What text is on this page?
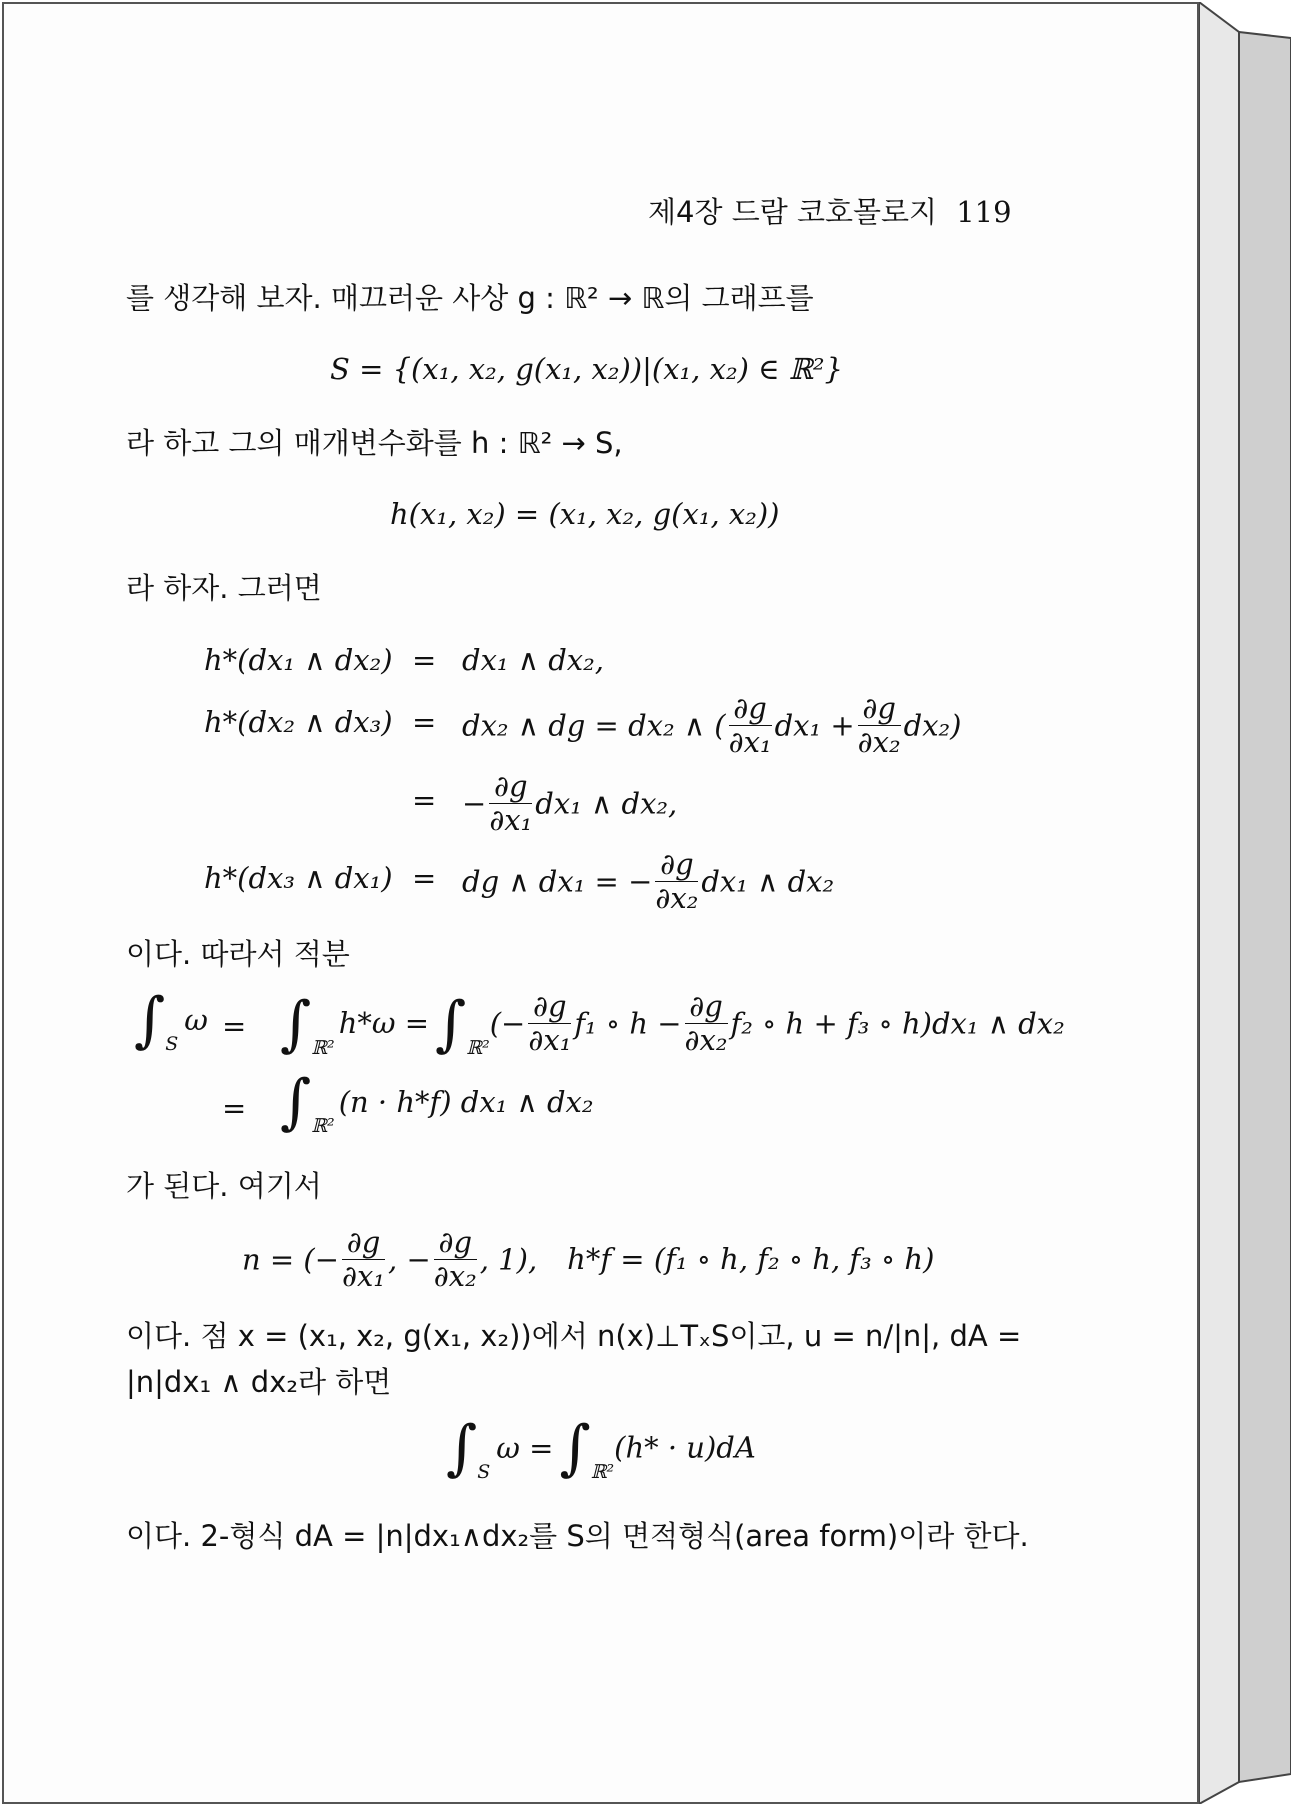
제4장 드람 코호몰로지 119
를 생각해 보자. 매끄러운 사상 g : ℝ² → ℝ의 그래프를
S = {(x₁, x₂, g(x₁, x₂))|(x₁, x₂) ∈ ℝ²}
라 하고 그의 매개변수화를 h : ℝ² → S,
h(x₁, x₂) = (x₁, x₂, g(x₁, x₂))
라 하자. 그러면
h*(dx₁ ∧ dx₂) = dx₁ ∧ dx₂,
h*(dx₂ ∧ dx₃) = dx₂ ∧ dg = dx₂ ∧ ( $\frac{\partial g}{\text{∂x₁}} dx_1 + \frac{\partial g}{\text{∂x₂}} dx_2$)
= − $\frac{\partial g}{\text{∂x₁}} dx_1$ ∧ dx₂,
h*(dx₃ ∧ dx₁) = dg ∧ dx₁ = − $\frac{\partial g}{\text{∂x₂}} dx_1$ ∧ dx₂
이다. 따라서 적분
$\int_S\omega = \int_{ℝ^2}h*\omega = \int_{ℝ^2}(- \frac{\partial g}{\text{∂x₁}} f_1$ ∘ $h - \frac{\partial g}{\text{∂x₂}} f_2$ ∘ h + f₃ ∘ h)dx₁ ∧ dx₂
= $\int_{ℝ^2}(n \cdot h*f)$ dx₁ ∧ dx₂
가 된다. 여기서
n = (− $\frac{\partial g}{\text{∂x₁}}$ , − $\frac{\partial g}{\text{∂x₂}}$ , 1), h*f = (f₁ ∘ h, f₂ ∘ h, f₃ ∘ h)
이다. 점 x = (x₁, x₂, g(x₁, x₂))에서 n(x)⊥TₓS이고, u = n/|n|, dA =
|n|dx₁ ∧ dx₂라 하면
$\int_S\omega = \int_{ℝ^2}(h* \cdot u)dA$
이다. 2-형식 dA = |n|dx₁∧dx₂를 S의 면적형식(area form)이라 한다.
